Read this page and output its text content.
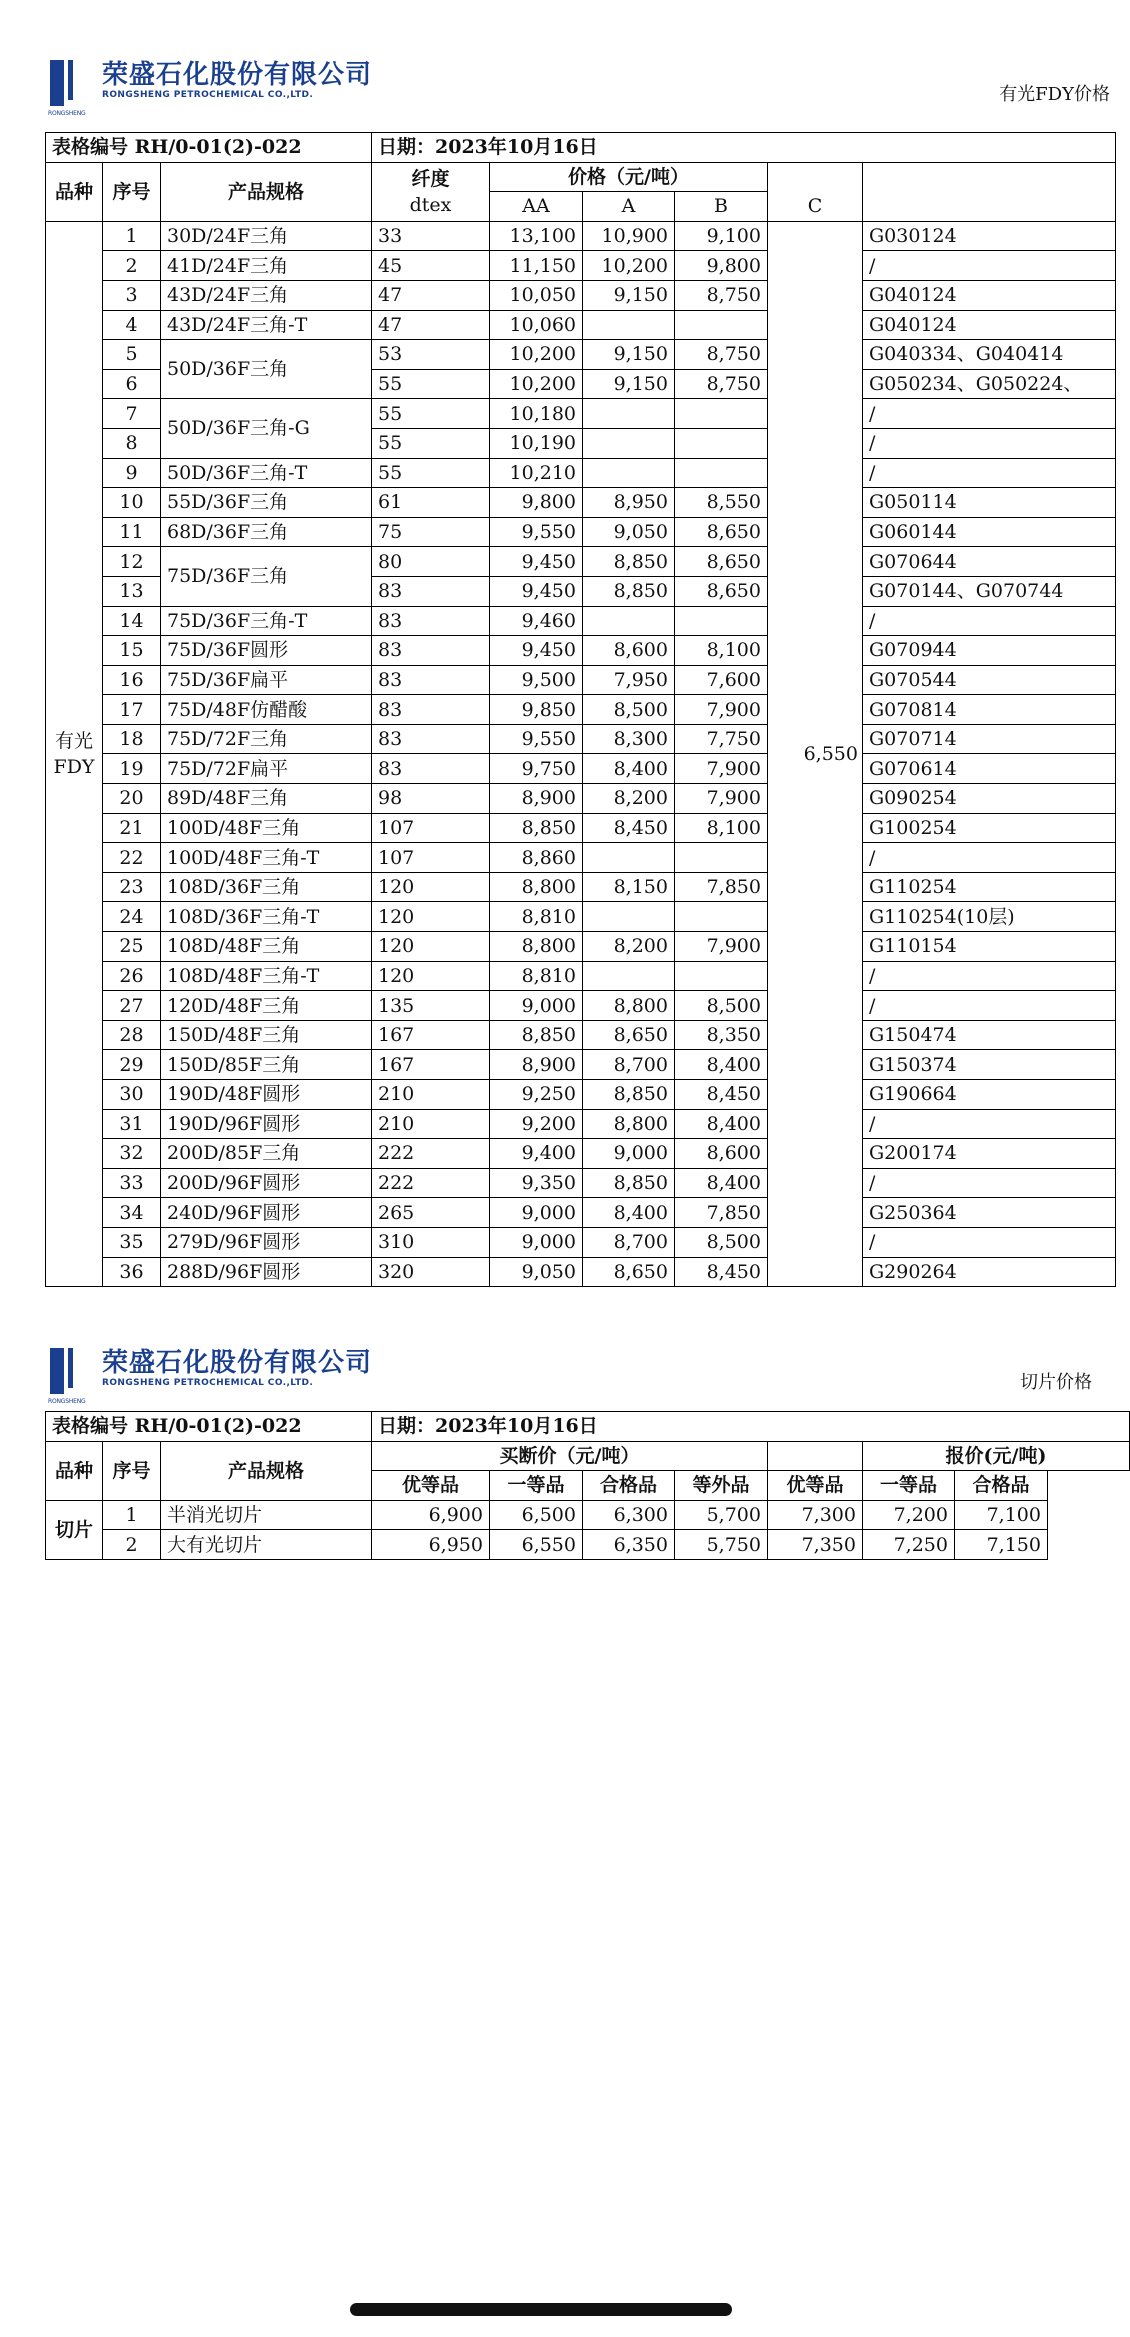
RONGSHENG
荣盛石化股份有限公司
RONGSHENG PETROCHEMICAL CO.,LTD.	有光FDY价格
表格编号 RH/0-01(2)-022			日期：2023年10月16日					
品种	序号	产品规格	纤度
dtex	价格（元/吨）				
				AA	A	B	C	

有光
FDY	1	30D/24F三角	33	13,100	10,900	9,100	6,550	G030124
	2	41D/24F三角	45	11,150	10,200	9,800		/
	3	43D/24F三角	47	10,050	9,150	8,750		G040124
	4	43D/24F三角-T	47	10,060				G040124
	5	50D/36F三角	53	10,200	9,150	8,750		G040334、G040414
	6		55	10,200	9,150	8,750		G050234、G050224、
	7	50D/36F三角-G	55	10,180				/
	8		55	10,190				/
	9	50D/36F三角-T	55	10,210				/
	10	55D/36F三角	61	9,800	8,950	8,550		G050114
	11	68D/36F三角	75	9,550	9,050	8,650		G060144
	12	75D/36F三角	80	9,450	8,850	8,650		G070644
	13		83	9,450	8,850	8,650		G070144、G070744
	14	75D/36F三角-T	83	9,460				/
	15	75D/36F圆形	83	9,450	8,600	8,100		G070944
	16	75D/36F扁平	83	9,500	7,950	7,600		G070544
	17	75D/48F仿醋酸	83	9,850	8,500	7,900		G070814
	18	75D/72F三角	83	9,550	8,300	7,750		G070714
	19	75D/72F扁平	83	9,750	8,400	7,900		G070614
	20	89D/48F三角	98	8,900	8,200	7,900		G090254
	21	100D/48F三角	107	8,850	8,450	8,100		G100254
	22	100D/48F三角-T	107	8,860				/
	23	108D/36F三角	120	8,800	8,150	7,850		G110254
	24	108D/36F三角-T	120	8,810				G110254(10层)
	25	108D/48F三角	120	8,800	8,200	7,900		G110154
	26	108D/48F三角-T	120	8,810				/
	27	120D/48F三角	135	9,000	8,800	8,500		/
	28	150D/48F三角	167	8,850	8,650	8,350		G150474
	29	150D/85F三角	167	8,900	8,700	8,400		G150374
	30	190D/48F圆形	210	9,250	8,850	8,450		G190664
	31	190D/96F圆形	210	9,200	8,800	8,400		/
	32	200D/85F三角	222	9,400	9,000	8,600		G200174
	33	200D/96F圆形	222	9,350	8,850	8,400		/
	34	240D/96F圆形	265	9,000	8,400	7,850		G250364
	35	279D/96F圆形	310	9,000	8,700	8,500		/
	36	288D/96F圆形	320	9,050	8,650	8,450		G290264
RONGSHENG
荣盛石化股份有限公司
RONGSHENG PETROCHEMICAL CO.,LTD.	切片价格
表格编号 RH/0-01(2)-022			日期：2023年10月16日						
品种	序号	产品规格	买断价（元/吨）					报价(元/吨)	
			优等品	一等品	合格品	等外品	优等品	一等品	合格品
切片	1	半消光切片	6,900	6,500	6,300	5,700	7,300	7,200	7,100
	2	大有光切片	6,950	6,550	6,350	5,750	7,350	7,250	7,150
